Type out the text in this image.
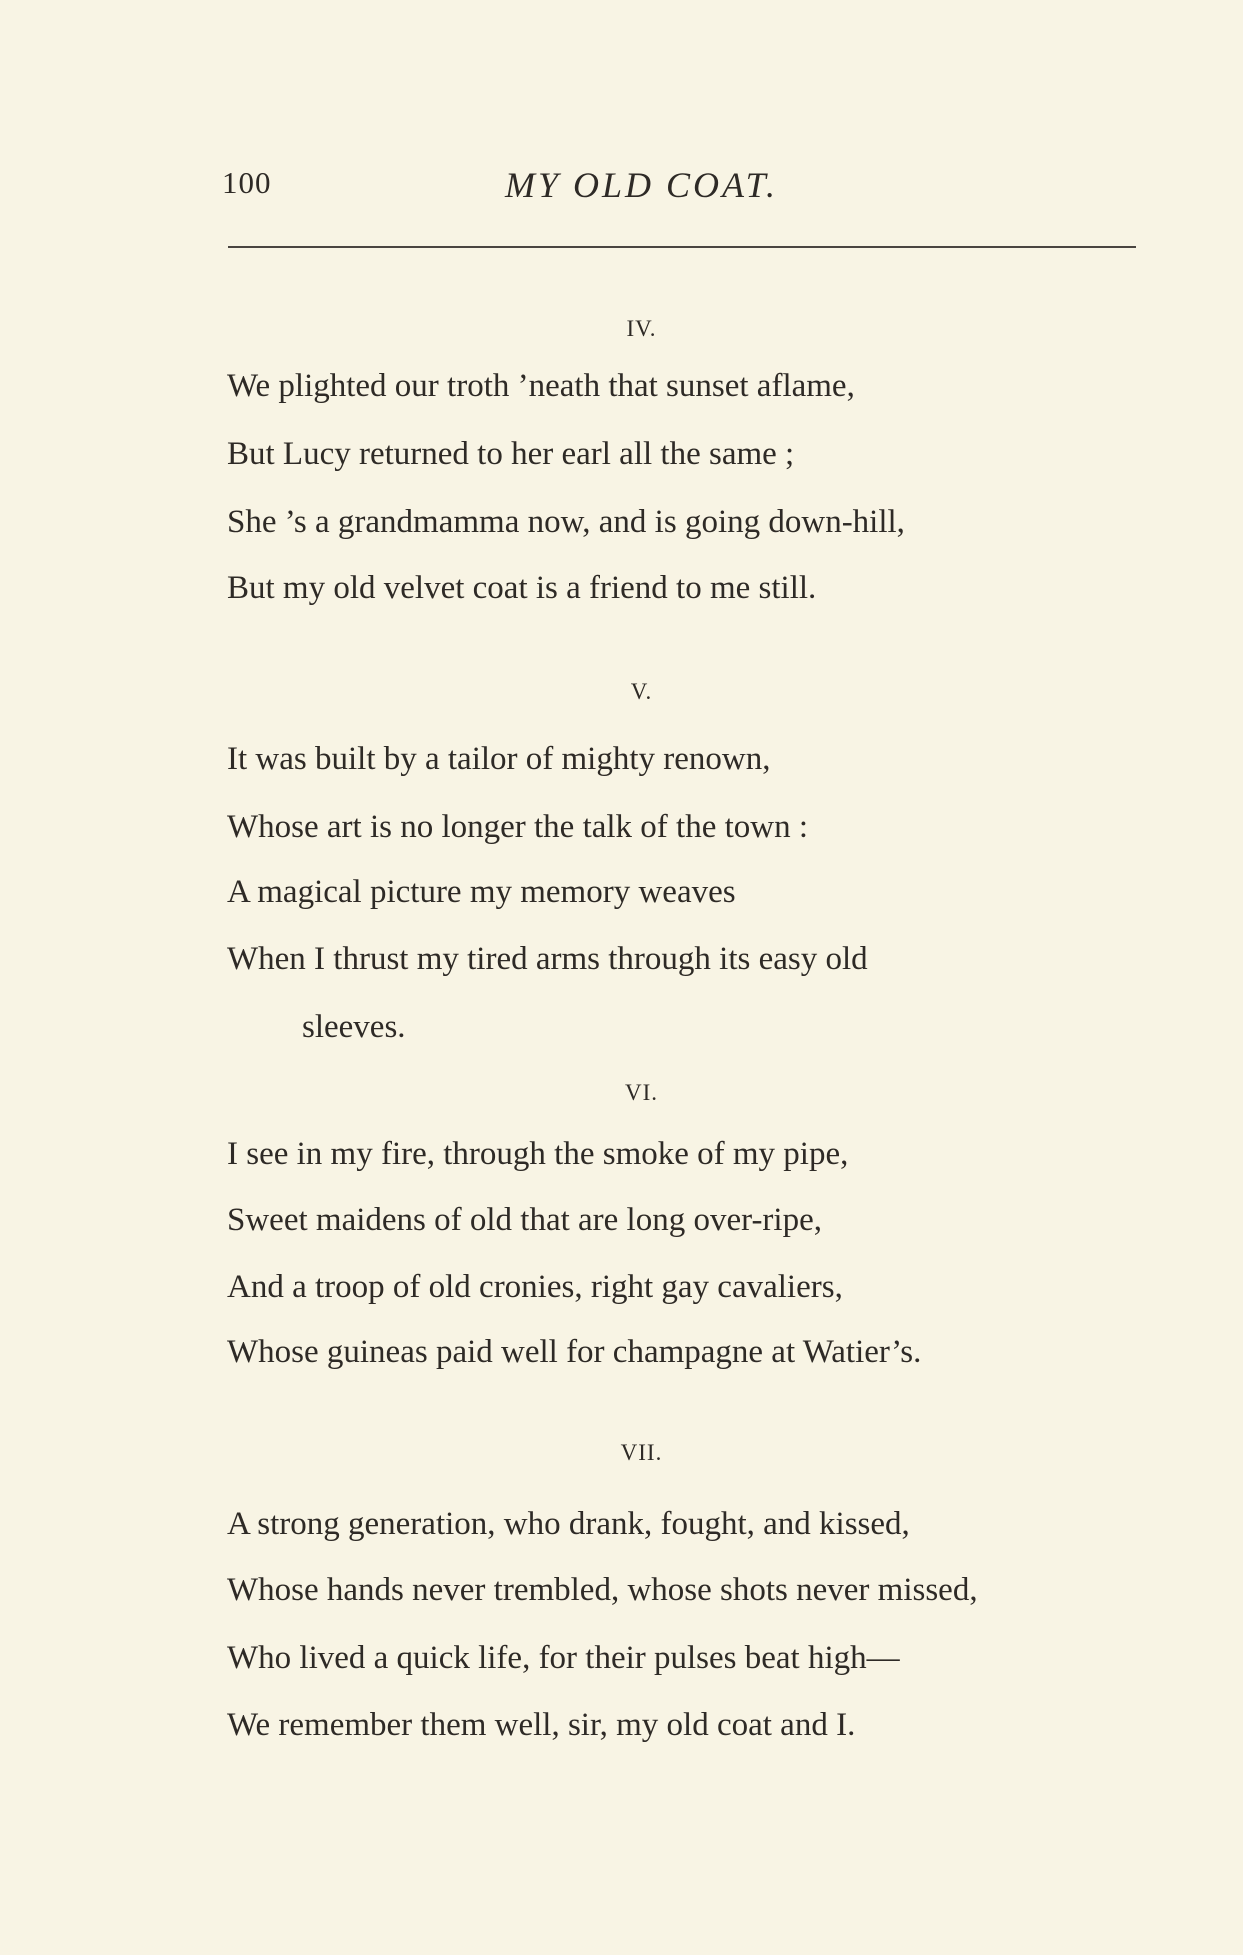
100	MY OLD COAT.
IV.
We plighted our troth ’neath that sunset aflame,
But Lucy returned to her earl all the same ;
She ’s a grandmamma now, and is going down-hill,
But my old velvet coat is a friend to me still.
V.
It was built by a tailor of mighty renown,
Whose art is no longer the talk of the town :
A magical picture my memory weaves
When I thrust my tired arms through its easy old
sleeves.
VI.
I see in my fire, through the smoke of my pipe,
Sweet maidens of old that are long over-ripe,
And a troop of old cronies, right gay cavaliers,
Whose guineas paid well for champagne at Watier’s.
VII.
A strong generation, who drank, fought, and kissed,
Whose hands never trembled, whose shots never missed,
Who lived a quick life, for their pulses beat high—
We remember them well, sir, my old coat and I.
